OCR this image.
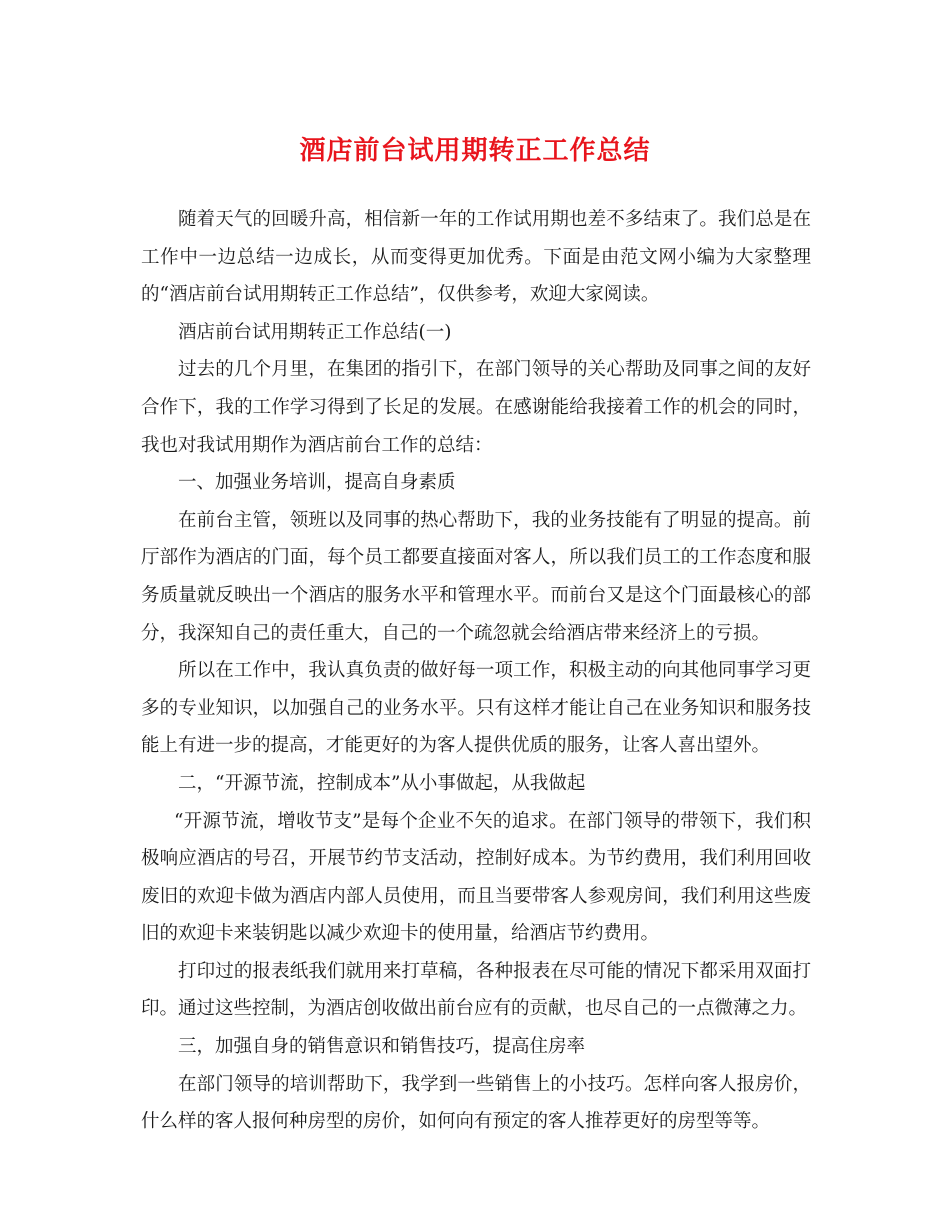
酒店前台试用期转正工作总结

随着天气的回暖升高，相信新一年的工作试用期也差不多结束了。我们总是在工作中一边总结一边成长，从而变得更加优秀。下面是由范文网小编为大家整理的“酒店前台试用期转正工作总结”，仅供参考，欢迎大家阅读。

酒店前台试用期转正工作总结(一)

过去的几个月里，在集团的指引下，在部门领导的关心帮助及同事之间的友好合作下，我的工作学习得到了长足的发展。在感谢能给我接着工作的机会的同时，我也对我试用期作为酒店前台工作的总结：

一、加强业务培训，提高自身素质

在前台主管，领班以及同事的热心帮助下，我的业务技能有了明显的提高。前厅部作为酒店的门面，每个员工都要直接面对客人，所以我们员工的工作态度和服务质量就反映出一个酒店的服务水平和管理水平。而前台又是这个门面最核心的部分，我深知自己的责任重大，自己的一个疏忽就会给酒店带来经济上的亏损。

所以在工作中，我认真负责的做好每一项工作，积极主动的向其他同事学习更多的专业知识，以加强自己的业务水平。只有这样才能让自己在业务知识和服务技能上有进一步的提高，才能更好的为客人提供优质的服务，让客人喜出望外。

二，“开源节流，控制成本”从小事做起，从我做起

“开源节流，增收节支”是每个企业不矢的追求。在部门领导的带领下，我们积极响应酒店的号召，开展节约节支活动，控制好成本。为节约费用，我们利用回收废旧的欢迎卡做为酒店内部人员使用，而且当要带客人参观房间，我们利用这些废旧的欢迎卡来装钥匙以减少欢迎卡的使用量，给酒店节约费用。

打印过的报表纸我们就用来打草稿，各种报表在尽可能的情况下都采用双面打印。通过这些控制，为酒店创收做出前台应有的贡献，也尽自己的一点微薄之力。

三，加强自身的销售意识和销售技巧，提高住房率

在部门领导的培训帮助下，我学到一些销售上的小技巧。怎样向客人报房价，什么样的客人报何种房型的房价，如何向有预定的客人推荐更好的房型等等。
